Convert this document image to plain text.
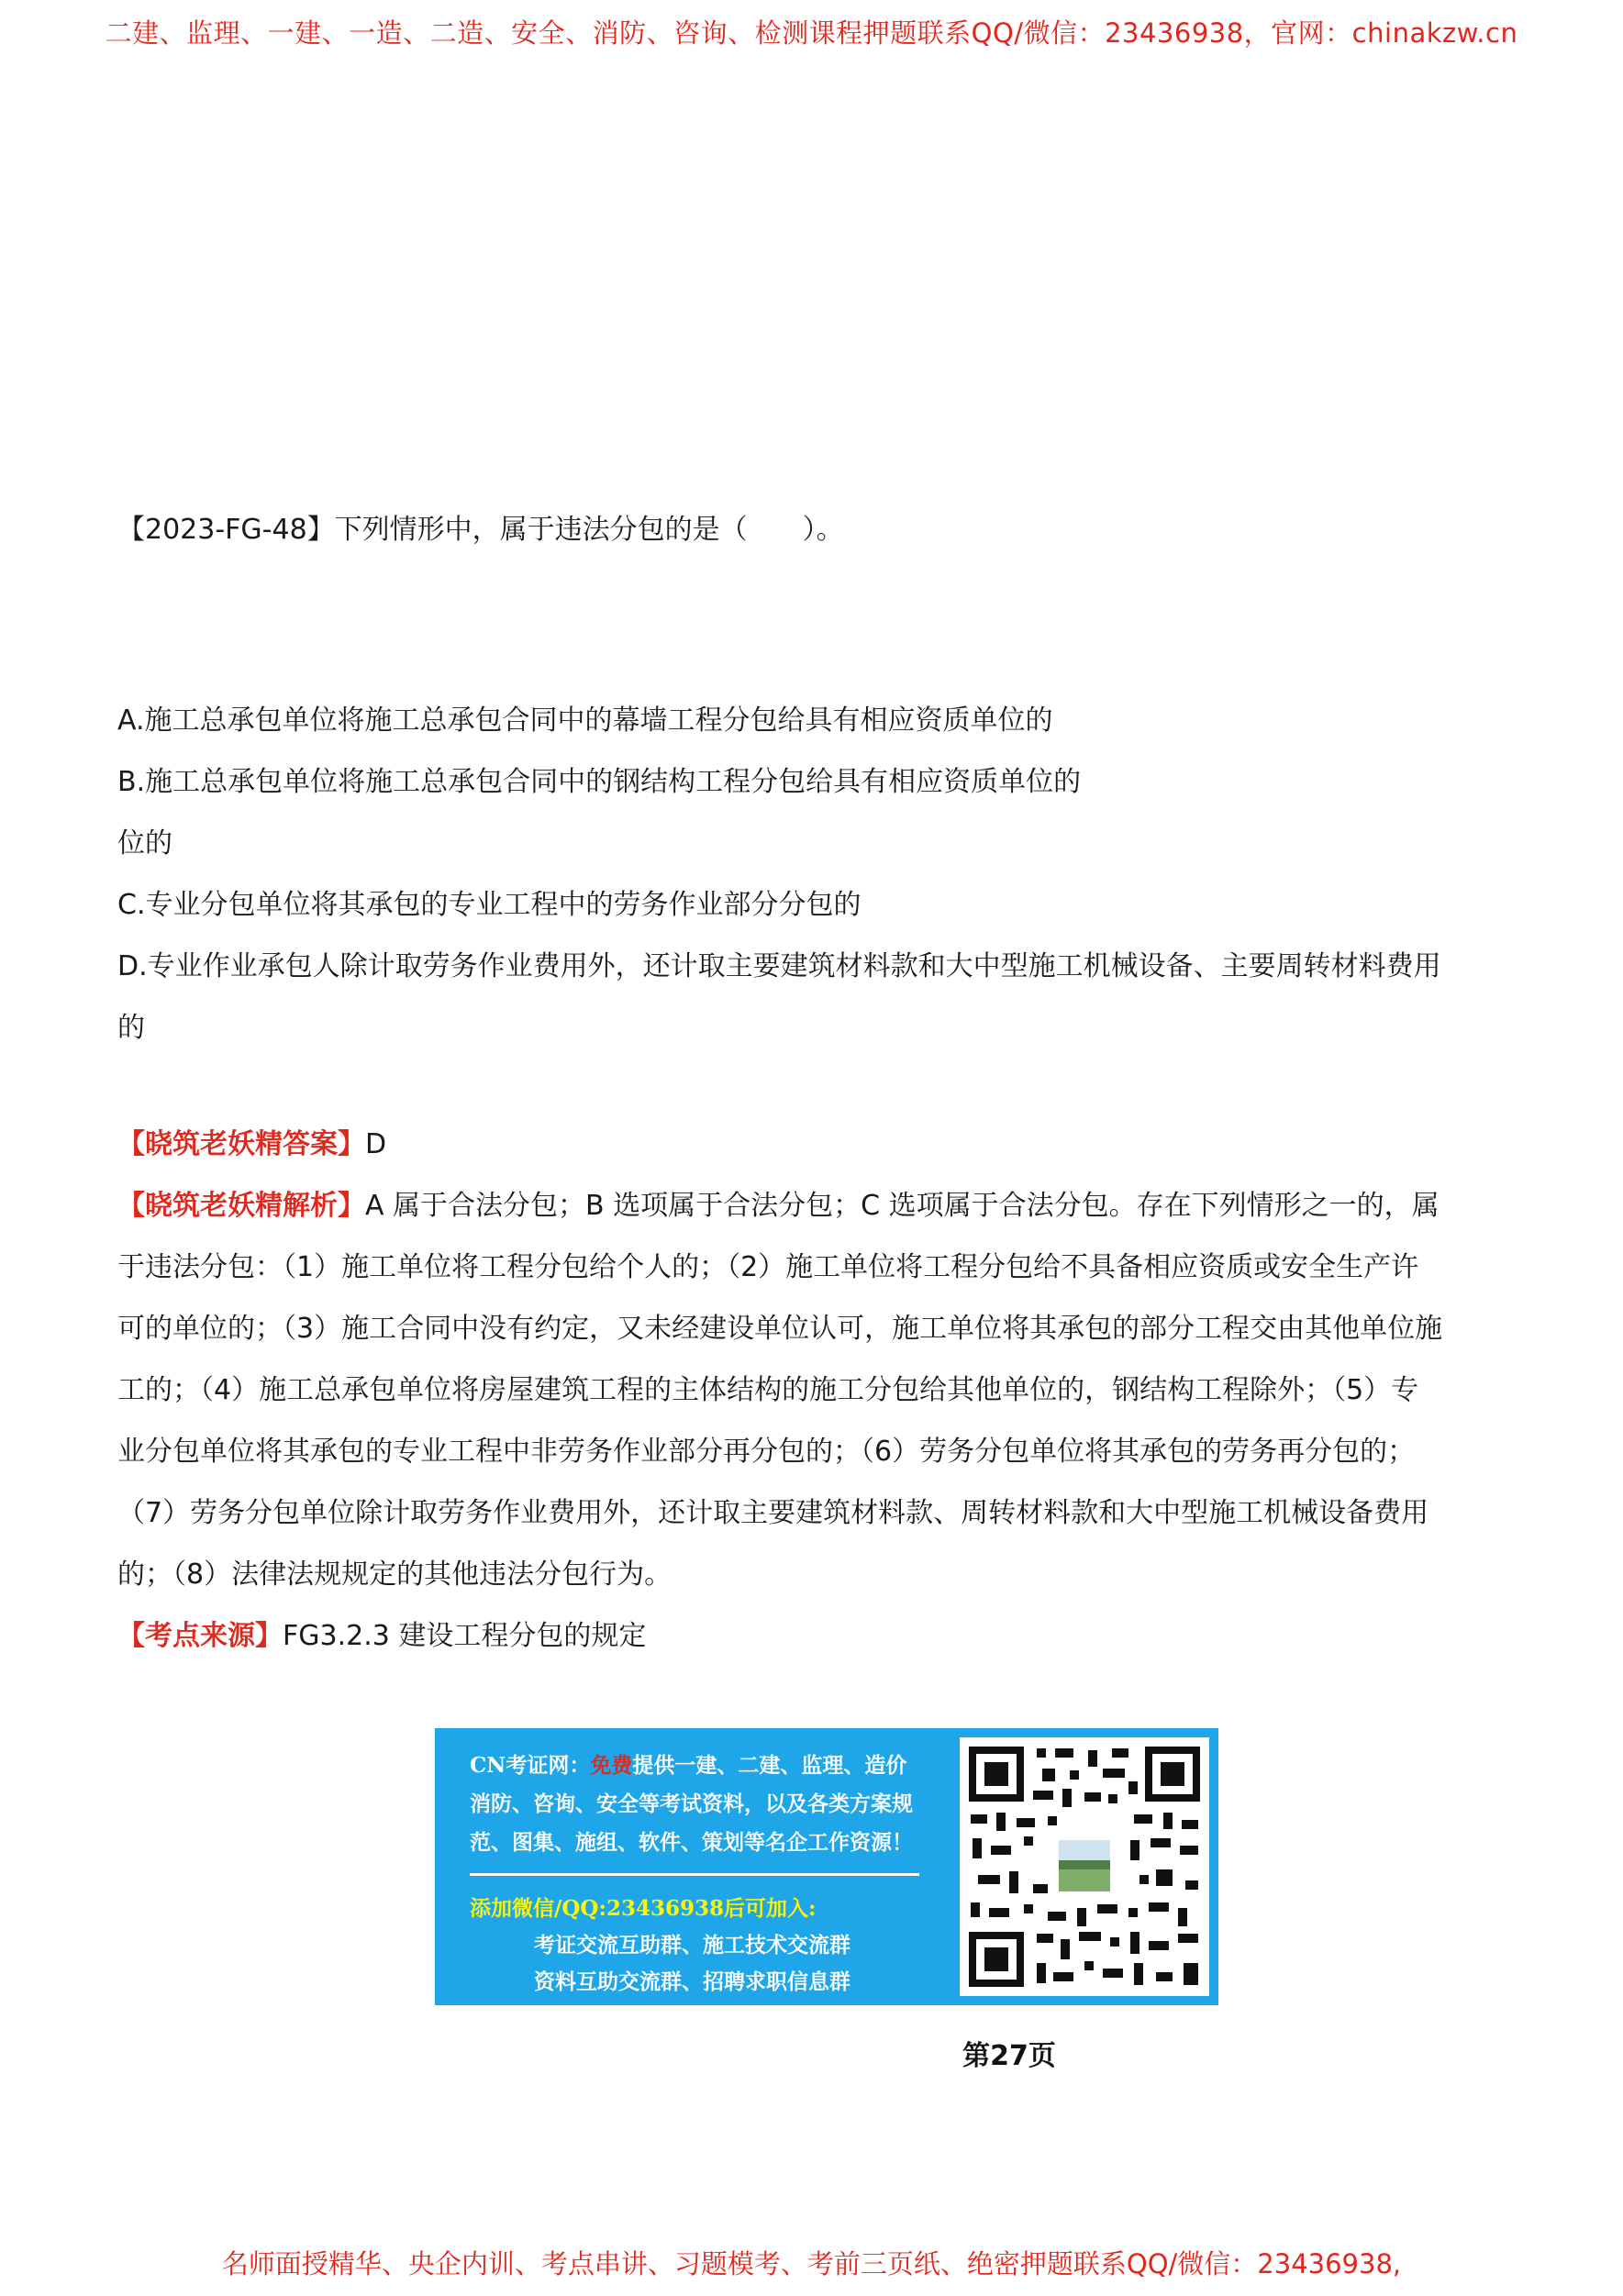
二建、监理、一建、一造、二造、安全、消防、咨询、检测课程押题联系QQ/微信：23436938，官网：chinakzw.cn
【2023-FG-48】下列情形中，属于违法分包的是（　　）。
A.施工总承包单位将施工总承包合同中的幕墙工程分包给具有相应资质单位的
B.施工总承包单位将施工总承包合同中的钢结构工程分包给具有相应资质单位的
位的
C.专业分包单位将其承包的专业工程中的劳务作业部分分包的
D.专业作业承包人除计取劳务作业费用外，还计取主要建筑材料款和大中型施工机械设备、主要周转材料费用
的
【晓筑老妖精答案】D
【晓筑老妖精解析】A 属于合法分包；B 选项属于合法分包；C 选项属于合法分包。存在下列情形之一的，属
于违法分包：（1）施工单位将工程分包给个人的；（2）施工单位将工程分包给不具备相应资质或安全生产许
可的单位的；（3）施工合同中没有约定，又未经建设单位认可，施工单位将其承包的部分工程交由其他单位施
工的；（4）施工总承包单位将房屋建筑工程的主体结构的施工分包给其他单位的，钢结构工程除外；（5）专
业分包单位将其承包的专业工程中非劳务作业部分再分包的；（6）劳务分包单位将其承包的劳务再分包的；
（7）劳务分包单位除计取劳务作业费用外，还计取主要建筑材料款、周转材料款和大中型施工机械设备费用
的；（8）法律法规规定的其他违法分包行为。
【考点来源】FG3.2.3 建设工程分包的规定
CN考证网：免费提供一建、二建、监理、造价
消防、咨询、安全等考试资料，以及各类方案规
范、图集、施组、软件、策划等名企工作资源！
添加微信/QQ:23436938后可加入:
考证交流互助群、施工技术交流群
资料互助交流群、招聘求职信息群
第27页
名师面授精华、央企内训、考点串讲、习题模考、考前三页纸、绝密押题联系QQ/微信：23436938,
